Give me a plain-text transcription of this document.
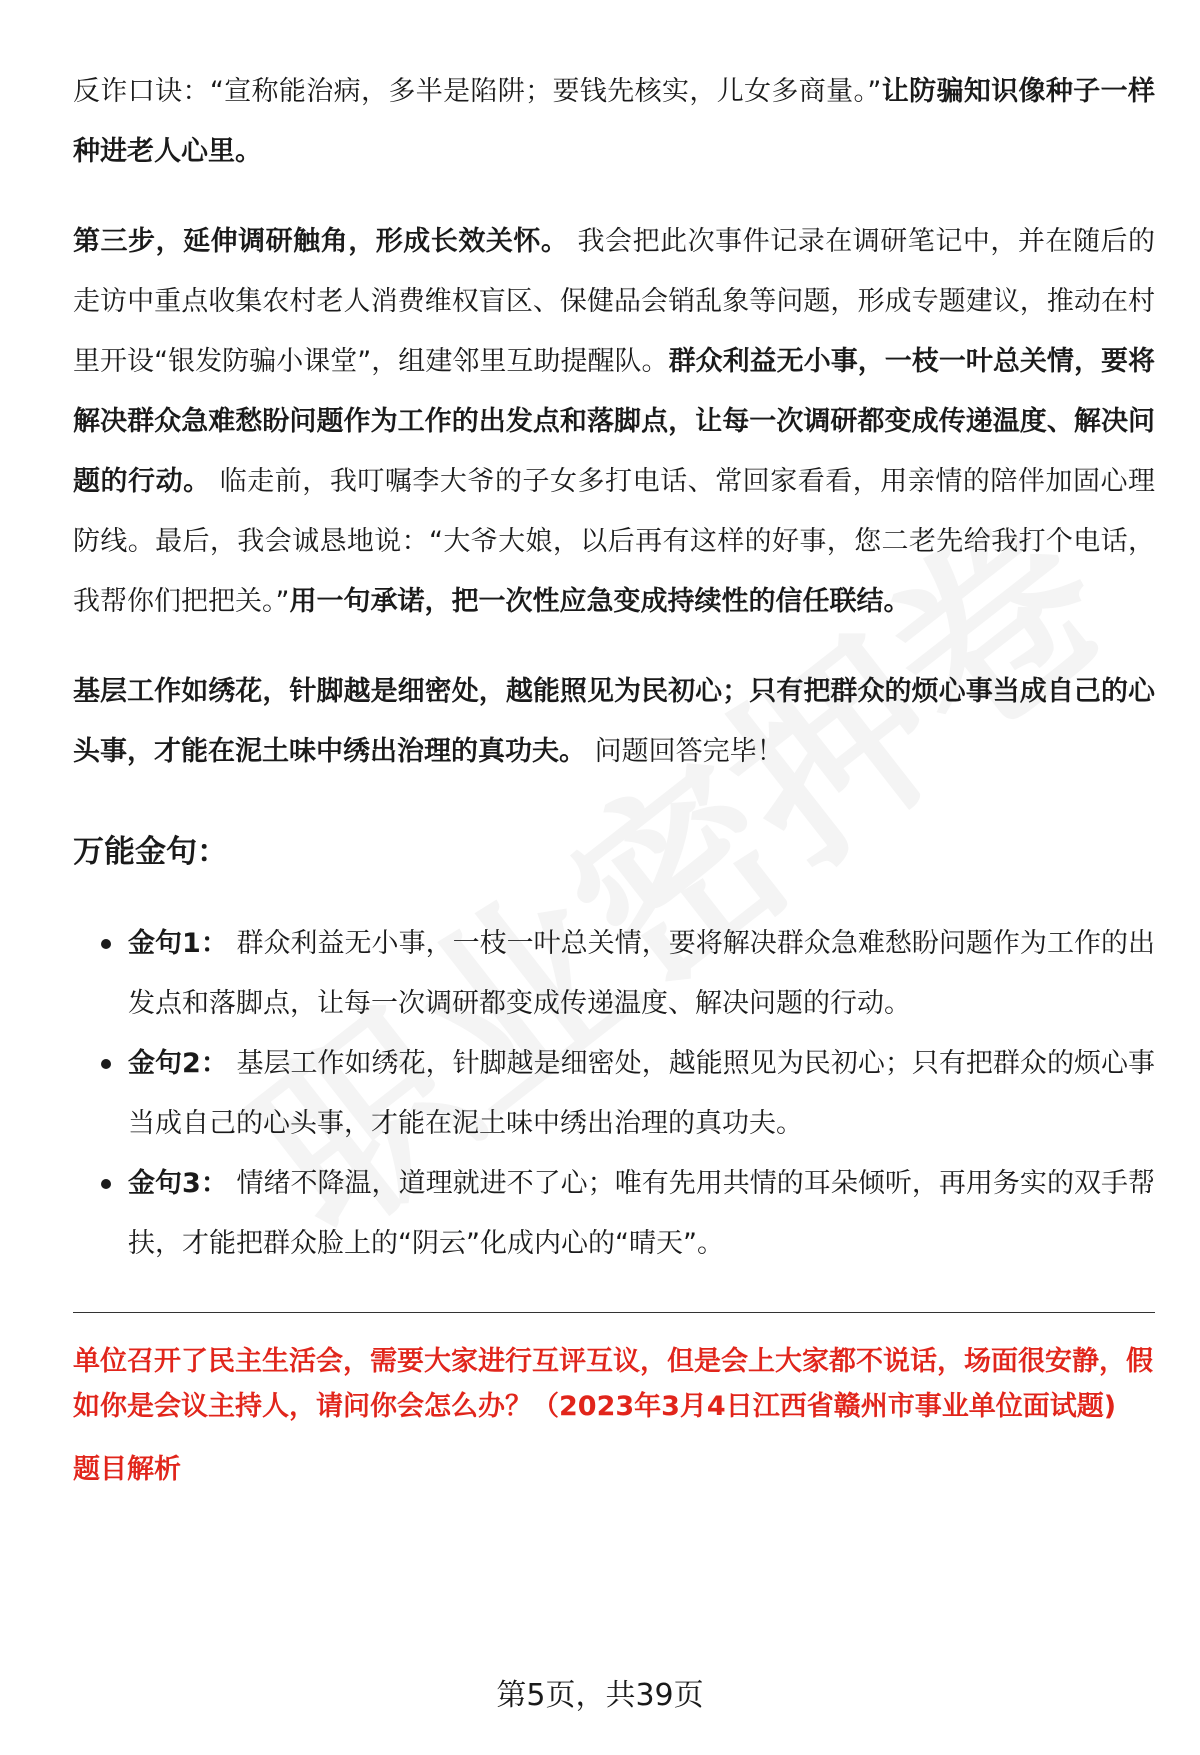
反诈口诀：“宣称能治病，多半是陷阱；要钱先核实，儿女多商量。”让防骗知识像种子一样种进老人心里。

第三步，延伸调研触角，形成长效关怀。 我会把此次事件记录在调研笔记中，并在随后的走访中重点收集农村老人消费维权盲区、保健品会销乱象等问题，形成专题建议，推动在村里开设“银发防骗小课堂”，组建邻里互助提醒队。群众利益无小事，一枝一叶总关情，要将解决群众急难愁盼问题作为工作的出发点和落脚点，让每一次调研都变成传递温度、解决问题的行动。 临走前，我叮嘱李大爷的子女多打电话、常回家看看，用亲情的陪伴加固心理防线。最后，我会诚恳地说：“大爷大娘，以后再有这样的好事，您二老先给我打个电话，我帮你们把把关。”用一句承诺，把一次性应急变成持续性的信任联结。

基层工作如绣花，针脚越是细密处，越能照见为民初心；只有把群众的烦心事当成自己的心头事，才能在泥土味中绣出治理的真功夫。 问题回答完毕！

万能金句：
金句1： 群众利益无小事，一枝一叶总关情，要将解决群众急难愁盼问题作为工作的出发点和落脚点，让每一次调研都变成传递温度、解决问题的行动。
金句2： 基层工作如绣花，针脚越是细密处，越能照见为民初心；只有把群众的烦心事当成自己的心头事，才能在泥土味中绣出治理的真功夫。
金句3： 情绪不降温，道理就进不了心；唯有先用共情的耳朵倾听，再用务实的双手帮扶，才能把群众脸上的“阴云”化成内心的“晴天”。

单位召开了民主生活会，需要大家进行互评互议，但是会上大家都不说话，场面很安静，假如你是会议主持人，请问你会怎么办？（2023年3月4日江西省赣州市事业单位面试题)

题目解析

第5页，共39页
